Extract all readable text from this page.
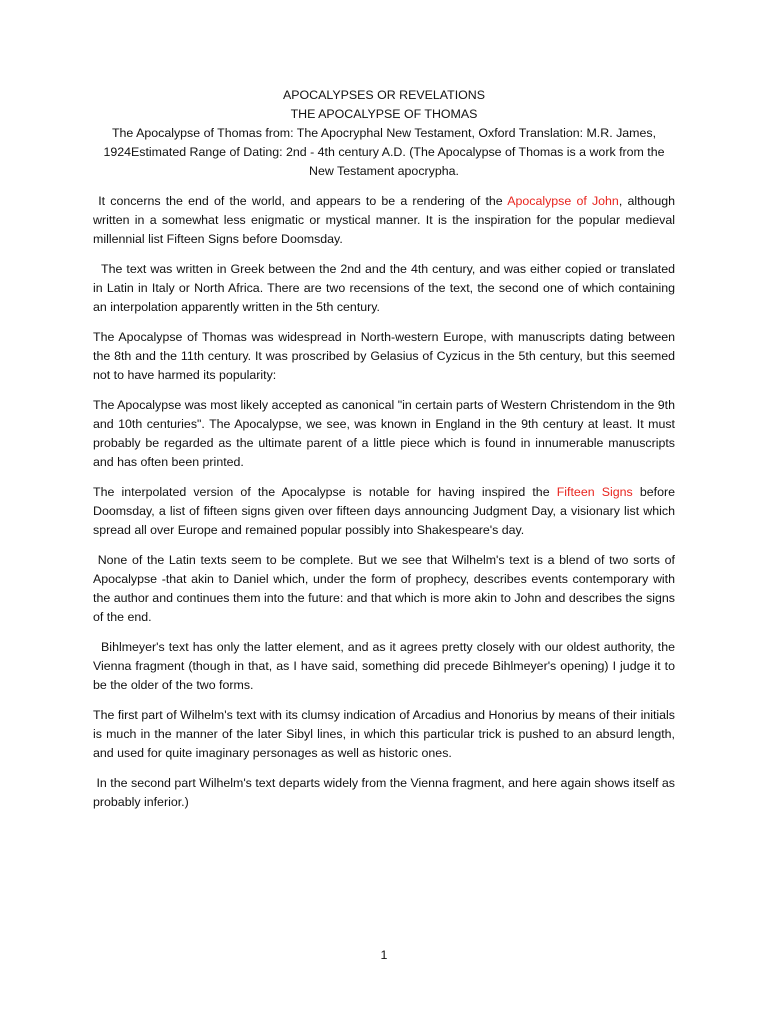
APOCALYPSES OR REVELATIONS
THE APOCALYPSE OF THOMAS
The Apocalypse of Thomas from: The Apocryphal New Testament, Oxford Translation: M.R. James, 1924Estimated Range of Dating: 2nd - 4th century A.D. (The Apocalypse of Thomas is a work from the New Testament apocrypha.

It concerns the end of the world, and appears to be a rendering of the Apocalypse of John, although written in a somewhat less enigmatic or mystical manner. It is the inspiration for the popular medieval millennial list Fifteen Signs before Doomsday.

The text was written in Greek between the 2nd and the 4th century, and was either copied or translated in Latin in Italy or North Africa. There are two recensions of the text, the second one of which containing an interpolation apparently written in the 5th century.

The Apocalypse of Thomas was widespread in North-western Europe, with manuscripts dating between the 8th and the 11th century. It was proscribed by Gelasius of Cyzicus in the 5th century, but this seemed not to have harmed its popularity:

The Apocalypse was most likely accepted as canonical "in certain parts of Western Christendom in the 9th and 10th centuries". The Apocalypse, we see, was known in England in the 9th century at least. It must probably be regarded as the ultimate parent of a little piece which is found in innumerable manuscripts and has often been printed.

The interpolated version of the Apocalypse is notable for having inspired the Fifteen Signs before Doomsday, a list of fifteen signs given over fifteen days announcing Judgment Day, a visionary list which spread all over Europe and remained popular possibly into Shakespeare's day.

None of the Latin texts seem to be complete. But we see that Wilhelm's text is a blend of two sorts of Apocalypse -that akin to Daniel which, under the form of prophecy, describes events contemporary with the author and continues them into the future: and that which is more akin to John and describes the signs of the end.

Bihlmeyer's text has only the latter element, and as it agrees pretty closely with our oldest authority, the Vienna fragment (though in that, as I have said, something did precede Bihlmeyer's opening) I judge it to be the older of the two forms.

The first part of Wilhelm's text with its clumsy indication of Arcadius and Honorius by means of their initials is much in the manner of the later Sibyl lines, in which this particular trick is pushed to an absurd length, and used for quite imaginary personages as well as historic ones.

In the second part Wilhelm's text departs widely from the Vienna fragment, and here again shows itself as probably inferior.)

1
